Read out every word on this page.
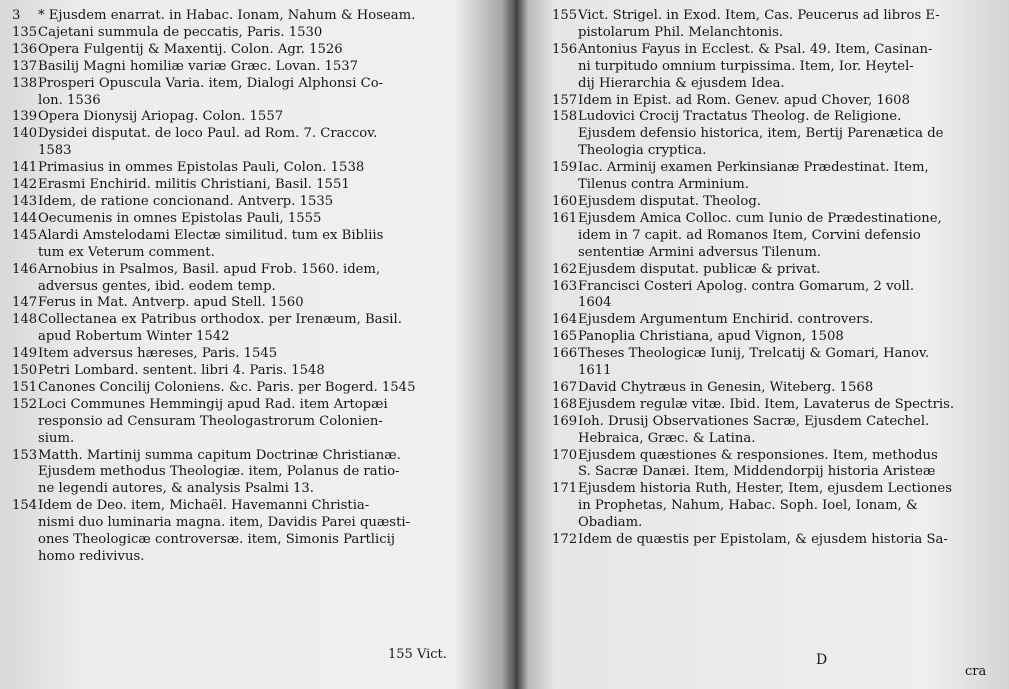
3 * Ejusdem enarrat. in Habac. Ionam, Nahum & Hoseam.
135Cajetani summula de peccatis, Paris. 1530
136Opera Fulgentij & Maxentij. Colon. Agr. 1526
137Basilij Magni homiliæ variæ Græc. Lovan. 1537
138Prosperi Opuscula Varia. item, Dialogi Alphonsi Co-
lon. 1536
139Opera Dionysij Ariopag. Colon. 1557
140Dysidei disputat. de loco Paul. ad Rom. 7. Craccov.
1583
141Primasius in ommes Epistolas Pauli, Colon. 1538
142Erasmi Enchirid. militis Christiani, Basil. 1551
143Idem, de ratione concionand. Antverp. 1535
144Oecumenis in omnes Epistolas Pauli, 1555
145Alardi Amstelodami Electæ similitud. tum ex Bibliis
tum ex Veterum comment.
146Arnobius in Psalmos, Basil. apud Frob. 1560. idem,
adversus gentes, ibid. eodem temp.
147Ferus in Mat. Antverp. apud Stell. 1560
148Collectanea ex Patribus orthodox. per Irenæum, Basil.
apud Robertum Winter 1542
149Item adversus hæreses, Paris. 1545
150Petri Lombard. sentent. libri 4. Paris. 1548
151Canones Concilij Coloniens. &c. Paris. per Bogerd. 1545
152Loci Communes Hemmingij apud Rad. item Artopæi
responsio ad Censuram Theologastrorum Colonien-
sium.
153Matth. Martinij summa capitum Doctrinæ Christianæ.
Ejusdem methodus Theologiæ. item, Polanus de ratio-
ne legendi autores, & analysis Psalmi 13.
154Idem de Deo. item, Michaël. Havemanni Christia-
nismi duo luminaria magna. item, Davidis Parei quæsti-
ones Theologicæ controversæ. item, Simonis Partlicij
homo redivivus.
155 Vict.
155Vict. Strigel. in Exod. Item, Cas. Peucerus ad libros E-
pistolarum Phil. Melanchtonis.
156Antonius Fayus in Ecclest. & Psal. 49. Item, Casinan-
ni turpitudo omnium turpissima. Item, Ior. Heytel-
dij Hierarchia & ejusdem Idea.
157Idem in Epist. ad Rom. Genev. apud Chover, 1608
158Ludovici Crocij Tractatus Theolog. de Religione.
Ejusdem defensio historica, item, Bertij Parenætica de
Theologia cryptica.
159Iac. Arminij examen Perkinsianæ Prædestinat. Item,
Tilenus contra Arminium.
160Ejusdem disputat. Theolog.
161Ejusdem Amica Colloc. cum Iunio de Prædestinatione,
idem in 7 capit. ad Romanos Item, Corvini defensio
sententiæ Armini adversus Tilenum.
162Ejusdem disputat. publicæ & privat.
163Francisci Costeri Apolog. contra Gomarum, 2 voll.
1604
164Ejusdem Argumentum Enchirid. controvers.
165Panoplia Christiana, apud Vignon, 1508
166Theses Theologicæ Iunij, Trelcatij & Gomari, Hanov.
1611
167David Chytræus in Genesin, Witeberg. 1568
168Ejusdem regulæ vitæ. Ibid. Item, Lavaterus de Spectris.
169Ioh. Drusij Observationes Sacræ, Ejusdem Catechel.
Hebraica, Græc. & Latina.
170Ejusdem quæstiones & responsiones. Item, methodus
S. Sacræ Danæi. Item, Middendorpij historia Aristeæ
171Ejusdem historia Ruth, Hester, Item, ejusdem Lectiones
in Prophetas, Nahum, Habac. Soph. Ioel, Ionam, &
Obadiam.
172Idem de quæstis per Epistolam, & ejusdem historia Sa-
D
cra
